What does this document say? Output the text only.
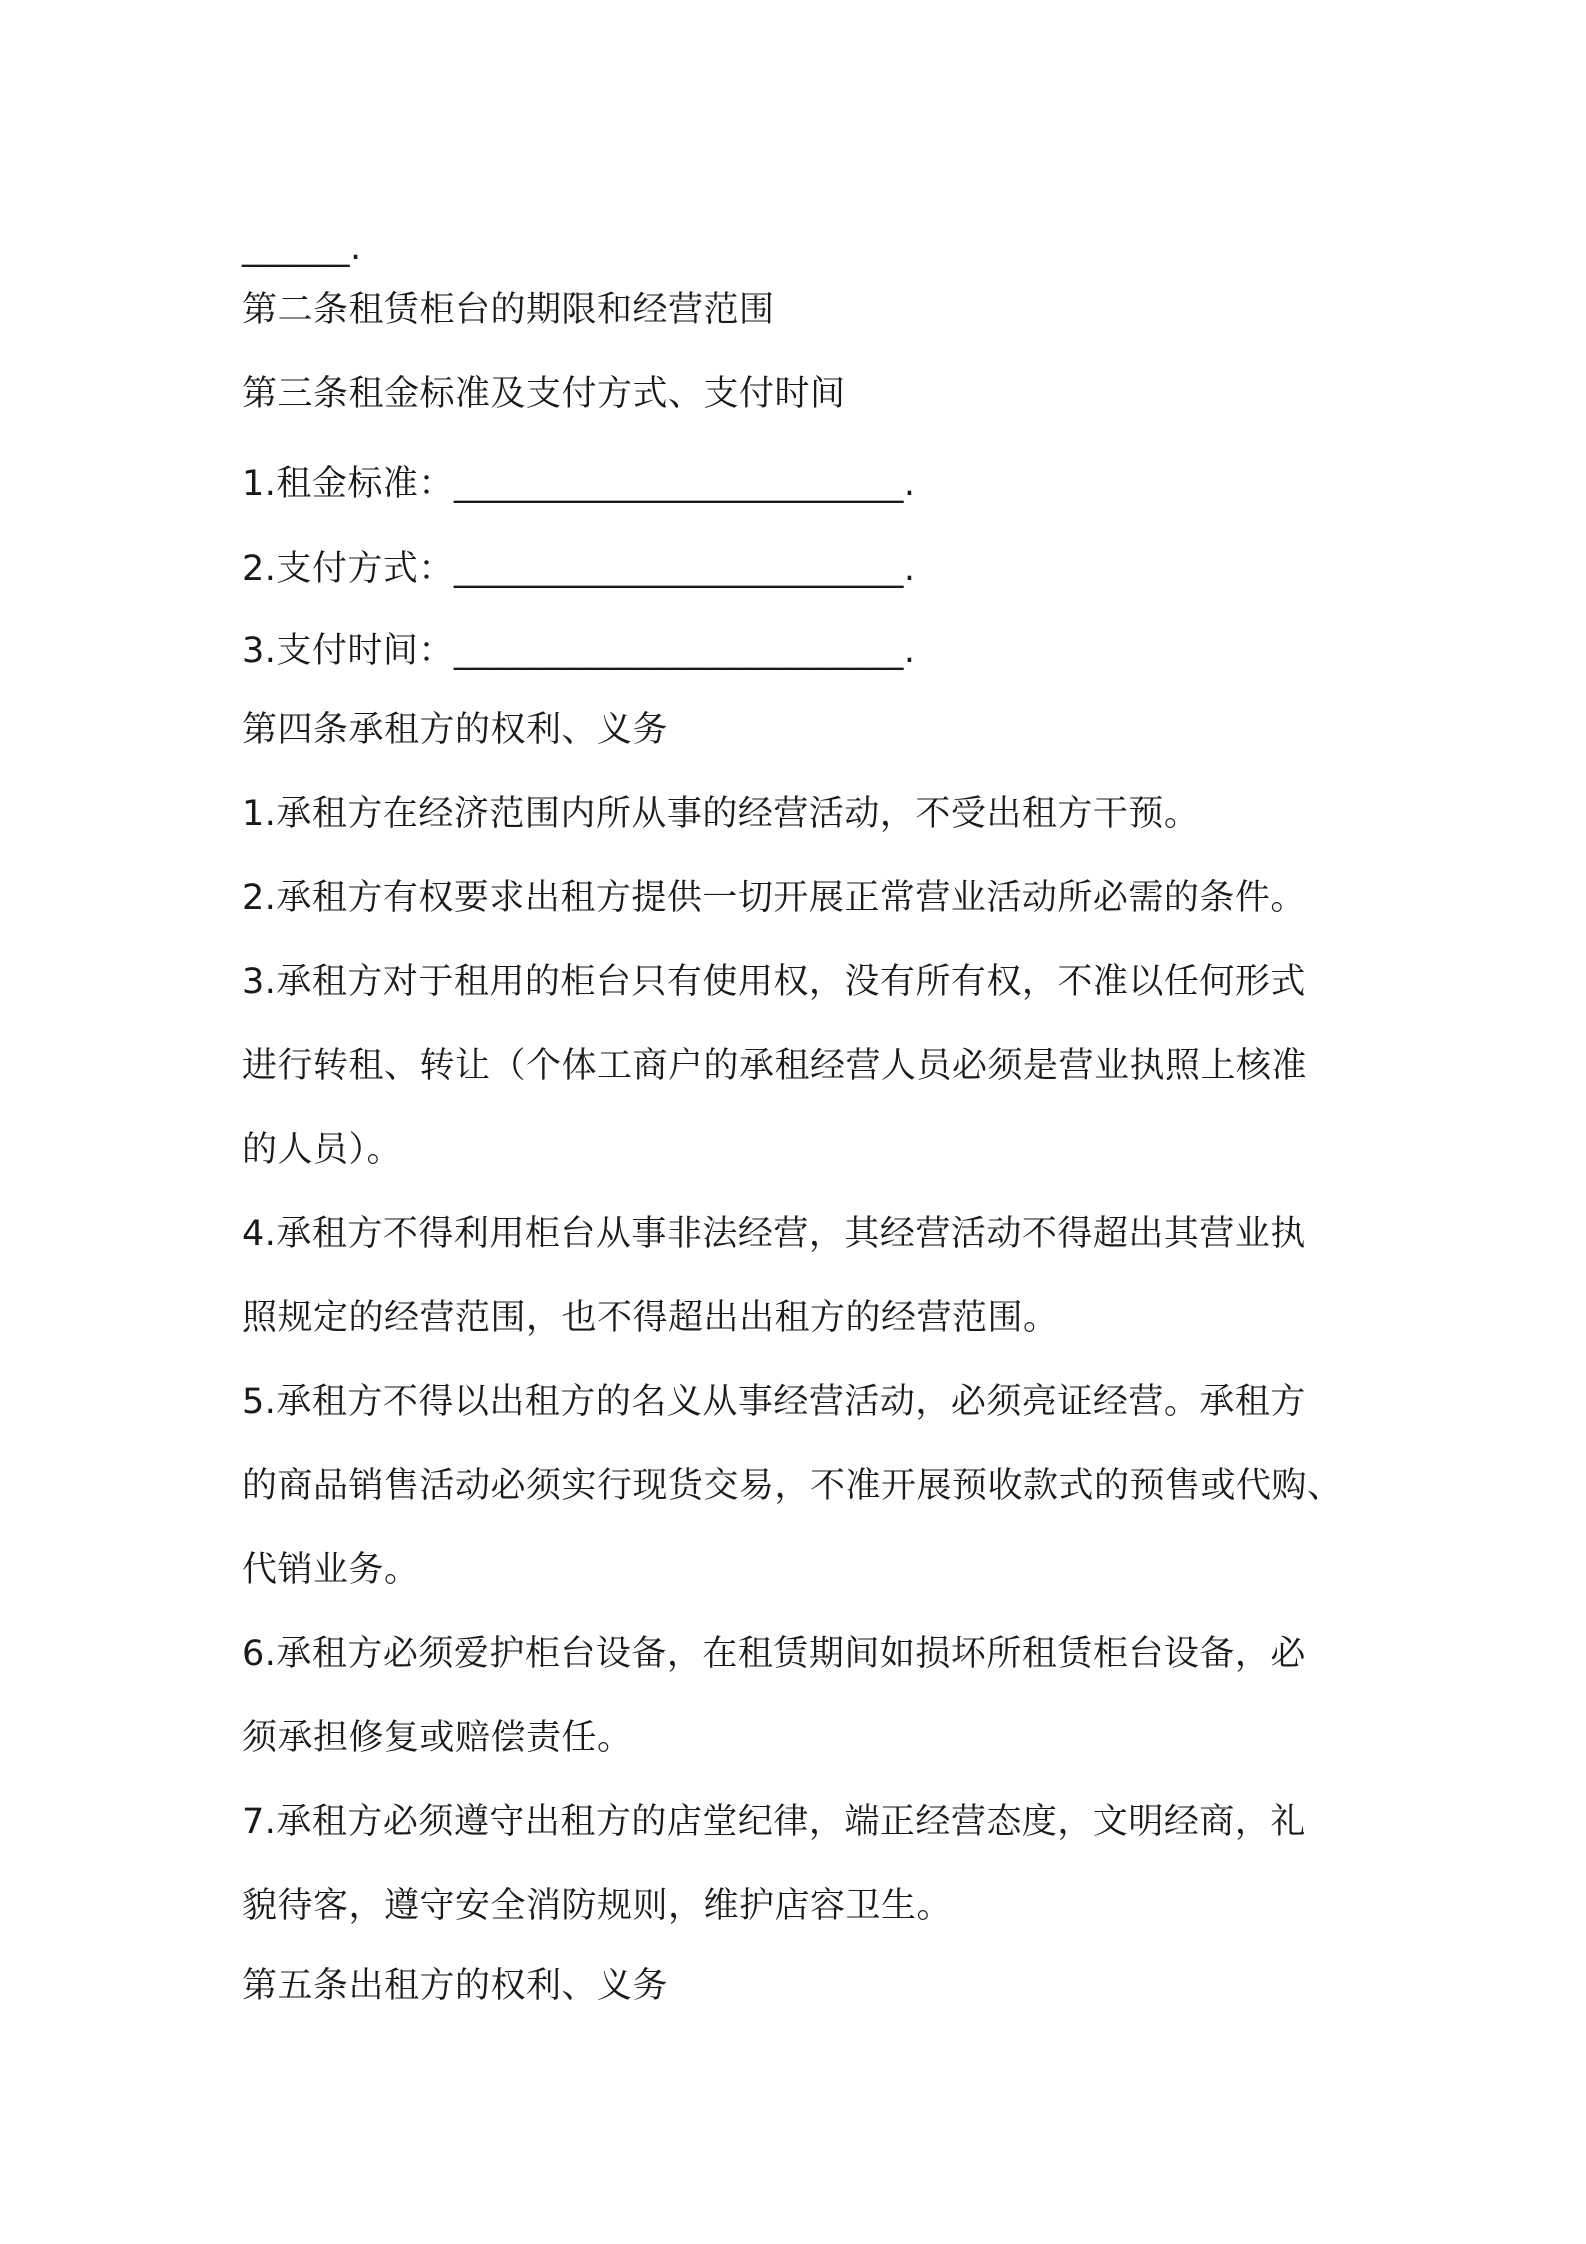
______.
第二条租赁柜台的期限和经营范围
第三条租金标准及支付方式、支付时间
1.租金标准：_________________________.
2.支付方式：_________________________.
3.支付时间：_________________________.
第四条承租方的权利、义务
1.承租方在经济范围内所从事的经营活动，不受出租方干预。
2.承租方有权要求出租方提供一切开展正常营业活动所必需的条件。
3.承租方对于租用的柜台只有使用权，没有所有权，不准以任何形式
进行转租、转让（个体工商户的承租经营人员必须是营业执照上核准
的人员）。
4.承租方不得利用柜台从事非法经营，其经营活动不得超出其营业执
照规定的经营范围，也不得超出出租方的经营范围。
5.承租方不得以出租方的名义从事经营活动，必须亮证经营。承租方
的商品销售活动必须实行现货交易，不准开展预收款式的预售或代购、
代销业务。
6.承租方必须爱护柜台设备，在租赁期间如损坏所租赁柜台设备，必
须承担修复或赔偿责任。
7.承租方必须遵守出租方的店堂纪律，端正经营态度，文明经商，礼
貌待客，遵守安全消防规则，维护店容卫生。
第五条出租方的权利、义务
